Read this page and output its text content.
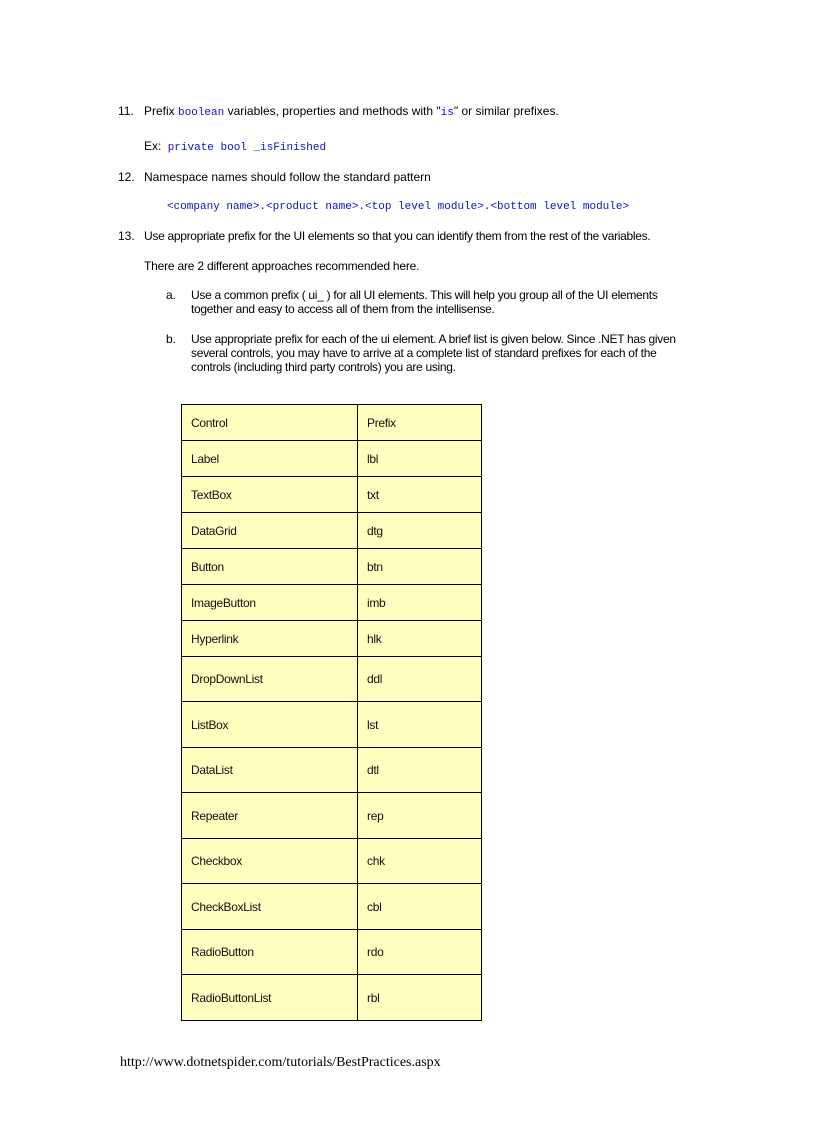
11. Prefix boolean variables, properties and methods with "is" or similar prefixes.
Ex: private bool _isFinished
12. Namespace names should follow the standard pattern
<company name>.<product name>.<top level module>.<bottom level module>
13. Use appropriate prefix for the UI elements so that you can identify them from the rest of the variables.
There are 2 different approaches recommended here.
a. Use a common prefix ( ui_ ) for all UI elements. This will help you group all of the UI elements together and easy to access all of them from the intellisense.
b. Use appropriate prefix for each of the ui element. A brief list is given below. Since .NET has given several controls, you may have to arrive at a complete list of standard prefixes for each of the controls (including third party controls) you are using.
Control	Prefix
Label	lbl
TextBox	txt
DataGrid	dtg
Button	btn
ImageButton	imb
Hyperlink	hlk
DropDownList	ddl
ListBox	lst
DataList	dtl
Repeater	rep
Checkbox	chk
CheckBoxList	cbl
RadioButton	rdo
RadioButtonList	rbl
http://www.dotnetspider.com/tutorials/BestPractices.aspx
